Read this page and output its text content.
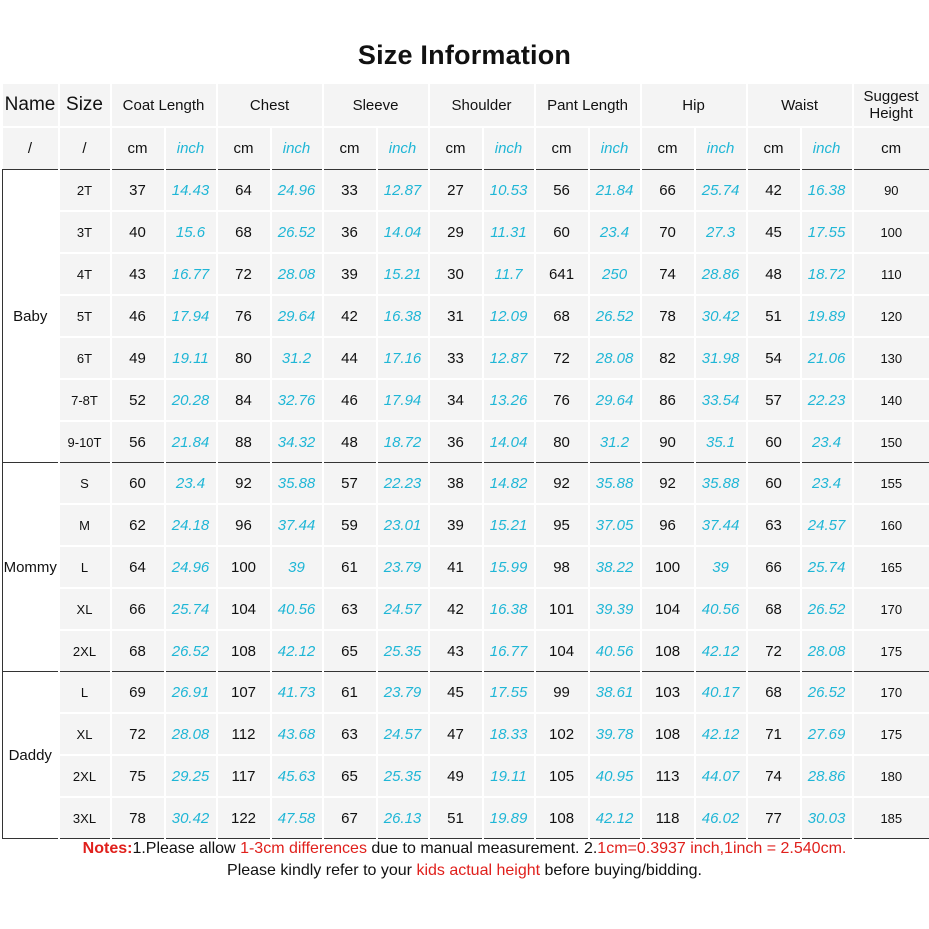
Size Information
Name	Size	Coat Length		Chest		Sleeve		Shoulder		Pant Length		Hip		Waist		Suggest
Height
/	/	cm	inch	cm	inch	cm	inch	cm	inch	cm	inch	cm	inch	cm	inch	cm
Baby	2T	37	14.43	64	24.96	33	12.87	27	10.53	56	21.84	66	25.74	42	16.38	90
	3T	40	15.6	68	26.52	36	14.04	29	11.31	60	23.4	70	27.3	45	17.55	100
	4T	43	16.77	72	28.08	39	15.21	30	11.7	641	250	74	28.86	48	18.72	110
	5T	46	17.94	76	29.64	42	16.38	31	12.09	68	26.52	78	30.42	51	19.89	120
	6T	49	19.11	80	31.2	44	17.16	33	12.87	72	28.08	82	31.98	54	21.06	130
	7-8T	52	20.28	84	32.76	46	17.94	34	13.26	76	29.64	86	33.54	57	22.23	140
	9-10T	56	21.84	88	34.32	48	18.72	36	14.04	80	31.2	90	35.1	60	23.4	150
Mommy	S	60	23.4	92	35.88	57	22.23	38	14.82	92	35.88	92	35.88	60	23.4	155
	M	62	24.18	96	37.44	59	23.01	39	15.21	95	37.05	96	37.44	63	24.57	160
	L	64	24.96	100	39	61	23.79	41	15.99	98	38.22	100	39	66	25.74	165
	XL	66	25.74	104	40.56	63	24.57	42	16.38	101	39.39	104	40.56	68	26.52	170
	2XL	68	26.52	108	42.12	65	25.35	43	16.77	104	40.56	108	42.12	72	28.08	175
Daddy	L	69	26.91	107	41.73	61	23.79	45	17.55	99	38.61	103	40.17	68	26.52	170
	XL	72	28.08	112	43.68	63	24.57	47	18.33	102	39.78	108	42.12	71	27.69	175
	2XL	75	29.25	117	45.63	65	25.35	49	19.11	105	40.95	113	44.07	74	28.86	180
	3XL	78	30.42	122	47.58	67	26.13	51	19.89	108	42.12	118	46.02	77	30.03	185
Notes:1.Please allow 1-3cm differences due to manual measurement. 2.1cm=0.3937 inch,1inch = 2.540cm.
Please kindly refer to your kids actual height before buying/bidding.
